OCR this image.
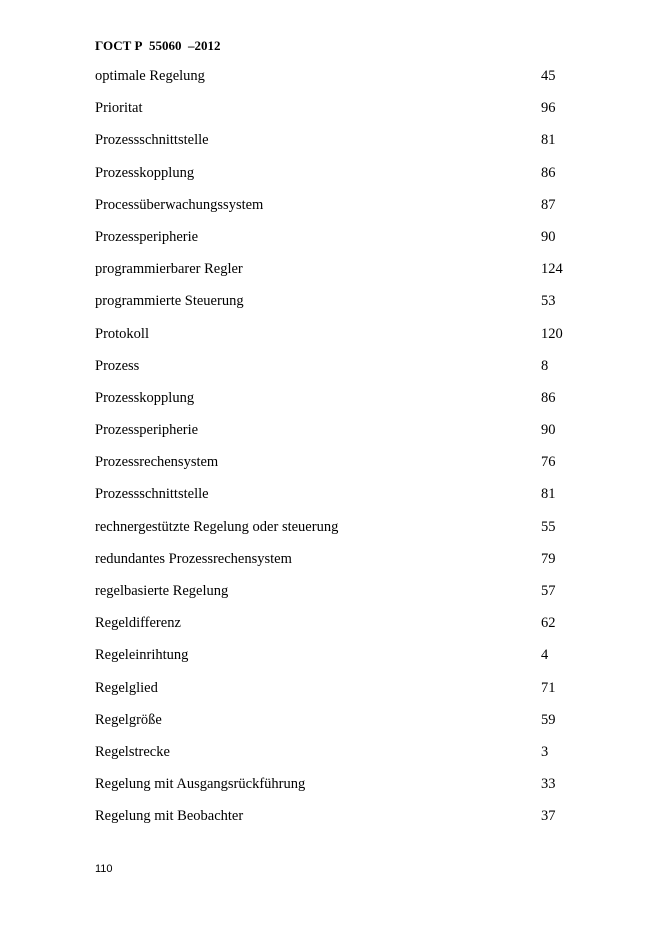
ГОСТ Р  55060  –2012
optimale Regelung	45
Prioritat	96
Prozessschnittstelle	81
Prozesskopplung	86
Processüberwachungssystem	87
Prozessperipherie	90
programmierbarer Regler	124
programmierte Steuerung	53
Protokoll	120
Prozess	8
Prozesskopplung	86
Prozessperipherie	90
Prozessrechensystem	76
Prozessschnittstelle	81
rechnergestützte Regelung oder steuerung	55
redundantes Prozessrechensystem	79
regelbasierte Regelung	57
Regeldifferenz	62
Regeleinrihtung	4
Regelglied	71
Regelgröße	59
Regelstrecke	3
Regelung mit Ausgangsrückführung	33
Regelung mit Beobachter	37
110
